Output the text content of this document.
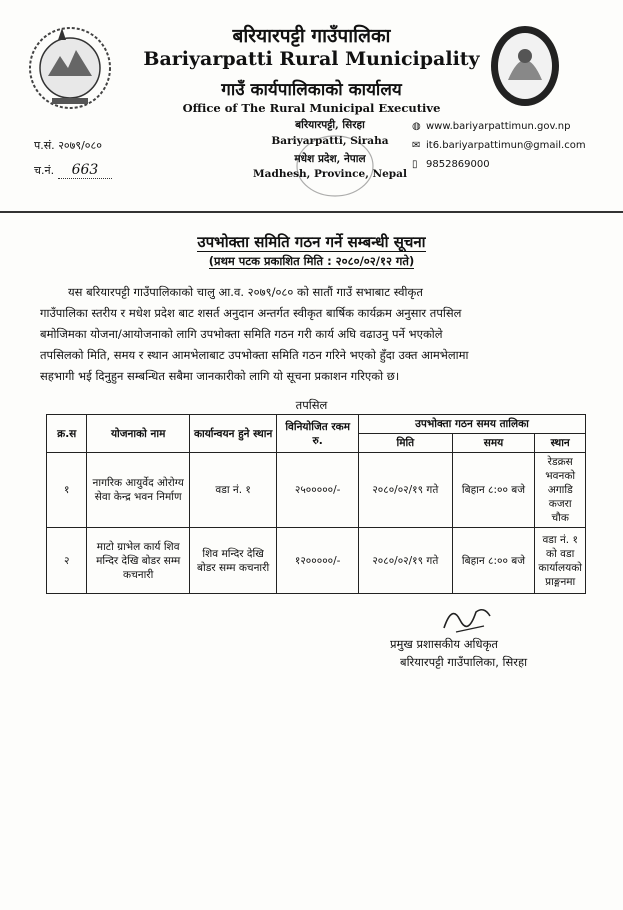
बरियारपट्टी गाउँपालिका
Bariyarpatti Rural Municipality
गाउँ कार्यपालिकाको कार्यालय
Office of The Rural Municipal Executive
बरियारपट्टी, सिरहा
Bariyarpatti, Siraha
मधेश प्रदेश, नेपाल
Madhesh, Province, Nepal
◍ www.bariyarpattimun.gov.np
✉ it6.bariyarpattimun@gmail.com
▯ 9852869000
प.सं. २०७९/०८०
च.नं. 663
उपभोक्ता समिति गठन गर्ने सम्बन्धी सूचना
(प्रथम पटक प्रकाशित मिति : २०८०/०२/१२ गते)
यस बरियारपट्टी गाउँपालिकाको चालु आ.व. २०७९/०८० को सातौं गाउँ सभाबाट स्वीकृत
गाउँपालिका स्तरीय र मधेश प्रदेश बाट शसर्त अनुदान अन्तर्गत स्वीकृत बार्षिक कार्यक्रम अनुसार तपसिल
बमोजिमका योजना/आयोजनाको लागि उपभोक्ता समिति गठन गरी कार्य अघि वढाउनु पर्ने भएकोले
तपसिलको मिति, समय र स्थान आमभेलाबाट उपभोक्ता समिति गठन गरिने भएको हुँदा उक्त आमभेलामा
सहभागी भई दिनुहुन सम्बन्धित सबैमा जानकारीको लागि यो सूचना प्रकाशन गरिएको छ।
तपसिल
क्र.स	योजनाको नाम	कार्यान्वयन हुने स्थान	विनियोजित रकम रु.	उपभोक्ता गठन समय तालिका		
				मिति	समय	स्थान
१	नागरिक आयुर्वेद ओरोग्य सेवा केन्द्र भवन निर्माण	वडा नं. १	२५०००००/-	२०८०/०२/१९ गते	बिहान ८:०० बजे	रेडक्रस भवनको अगाडि कजरा चौक
२	माटो ग्राभेल कार्य शिव मन्दिर देखि बोडर सम्म कचनारी	शिव मन्दिर देखि बोडर सम्म कचनारी	१२०००००/-	२०८०/०२/१९ गते	बिहान ८:०० बजे	वडा नं. १ को वडा कार्यालयको प्राङ्गनमा
प्रमुख प्रशासकीय अधिकृत
बरियारपट्टी गाउँपालिका, सिरहा
